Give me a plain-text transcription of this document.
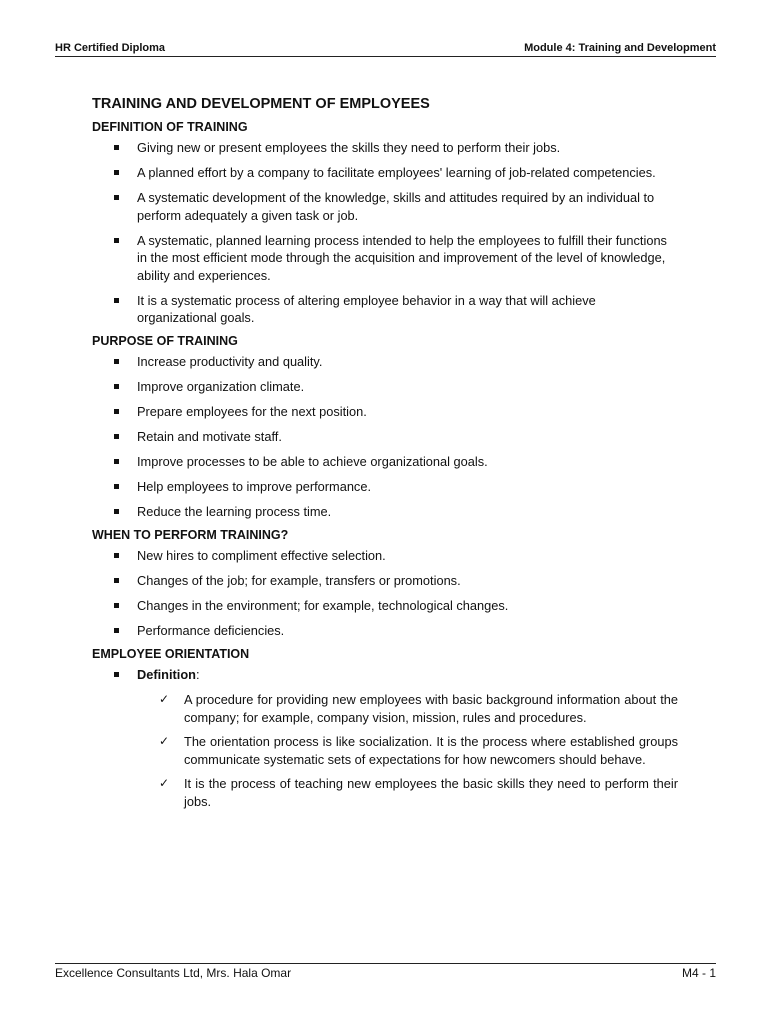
HR Certified Diploma	Module 4: Training and Development
TRAINING AND DEVELOPMENT OF EMPLOYEES
DEFINITION OF TRAINING
Giving new or present employees the skills they need to perform their jobs.
A planned effort by a company to facilitate employees' learning of job-related competencies.
A systematic development of the knowledge, skills and attitudes required by an individual to perform adequately a given task or job.
A systematic, planned learning process intended to help the employees to fulfill their functions in the most efficient mode through the acquisition and improvement of the level of knowledge, ability and experiences.
It is a systematic process of altering employee behavior in a way that will achieve organizational goals.
PURPOSE OF TRAINING
Increase productivity and quality.
Improve organization climate.
Prepare employees for the next position.
Retain and motivate staff.
Improve processes to be able to achieve organizational goals.
Help employees to improve performance.
Reduce the learning process time.
WHEN TO PERFORM TRAINING?
New hires to compliment effective selection.
Changes of the job; for example, transfers or promotions.
Changes in the environment; for example, technological changes.
Performance deficiencies.
EMPLOYEE ORIENTATION
Definition:
✓ A procedure for providing new employees with basic background information about the company; for example, company vision, mission, rules and procedures.
✓ The orientation process is like socialization. It is the process where established groups communicate systematic sets of expectations for how newcomers should behave.
✓ It is the process of teaching new employees the basic skills they need to perform their jobs.
Excellence Consultants Ltd, Mrs. Hala Omar	M4 - 1
